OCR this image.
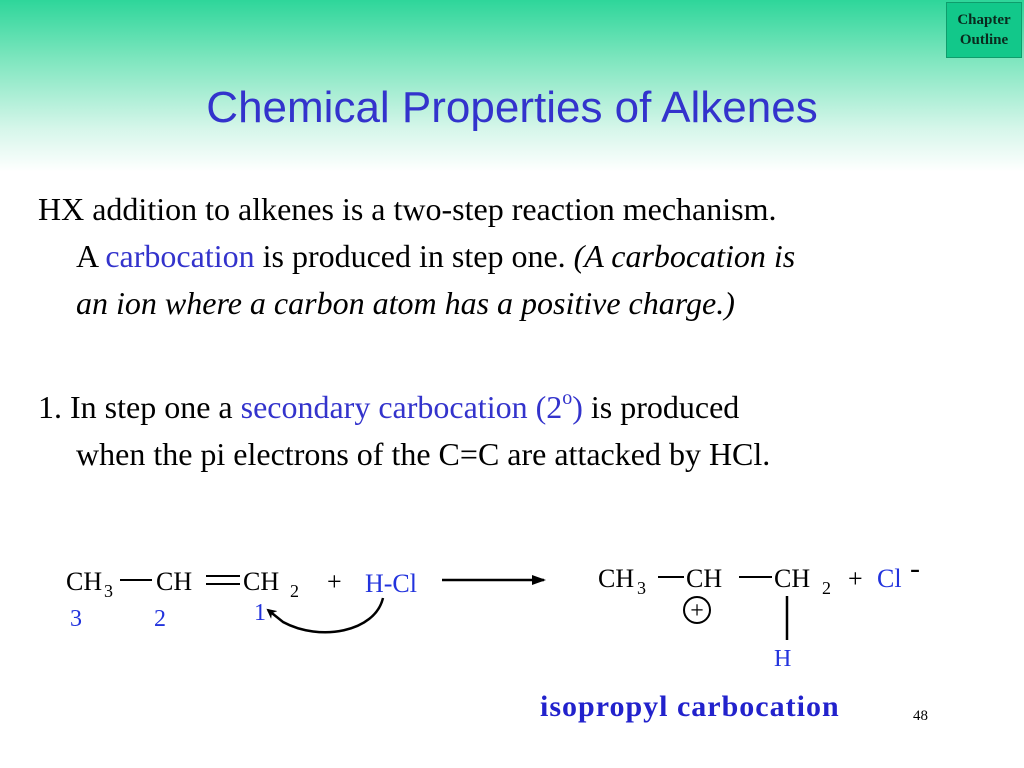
Chapter
Outline
Chemical Properties of Alkenes
HX addition to alkenes is a two-step reaction mechanism.
A carbocation is produced in step one. (A carbocation is
an ion where a carbon atom has a positive charge.)
1. In step one a secondary carbocation (2$^o$) is produced
when the pi electrons of the C=C are attacked by HCl.
CH 3 CH CH 2
3	2	1
+ H-Cl	CH 3 CH CH 2 + Cl -
+
H
isopropyl carbocation	48
